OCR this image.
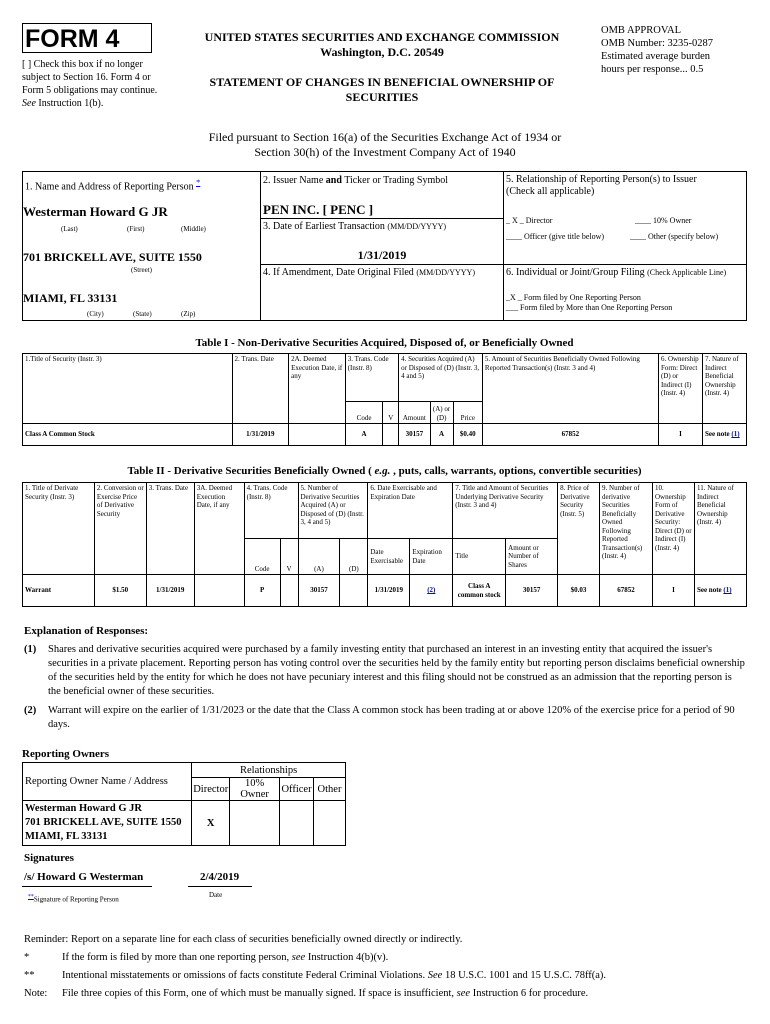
FORM 4
[ ] Check this box if no longer subject to Section 16. Form 4 or Form 5 obligations may continue. See Instruction 1(b).
UNITED STATES SECURITIES AND EXCHANGE COMMISSION
Washington, D.C. 20549
STATEMENT OF CHANGES IN BENEFICIAL OWNERSHIP OF
SECURITIES
OMB APPROVAL
OMB Number: 3235-0287
Estimated average burden
hours per response... 0.5
Filed pursuant to Section 16(a) of the Securities Exchange Act of 1934 or
Section 30(h) of the Investment Company Act of 1940
1. Name and Address of Reporting Person *
Westerman Howard G JR
(Last)	(First)	(Middle)
701 BRICKELL AVE, SUITE 1550
(Street)
MIAMI, FL 33131
(City)	(State)	(Zip)
2. Issuer Name and Ticker or Trading Symbol
PEN INC. [ PENC ]
3. Date of Earliest Transaction (MM/DD/YYYY)
1/31/2019
4. If Amendment, Date Original Filed (MM/DD/YYYY)
5. Relationship of Reporting Person(s) to Issuer
(Check all applicable)
_ X _ Director	____ 10% Owner
____ Officer (give title below)	____ Other (specify below)
6. Individual or Joint/Group Filing (Check Applicable Line)
_X _ Form filed by One Reporting Person
___ Form filed by More than One Reporting Person
Table I - Non-Derivative Securities Acquired, Disposed of, or Beneficially Owned
1.Title of Security (Instr. 3)	2. Trans. Date	2A. Deemed Execution Date, if any	3. Trans. Code (Instr. 8)		4. Securities Acquired (A) or Disposed of (D) (Instr. 3, 4 and 5)			5. Amount of Securities Beneficially Owned Following Reported Transaction(s) (Instr. 3 and 4)	6. Ownership Form: Direct (D) or Indirect (I) (Instr. 4)	7. Nature of Indirect Beneficial Ownership (Instr. 4)
			Code	V	Amount	(A) or (D)	Price			
Class A Common Stock	1/31/2019		A		30157	A	$0.40	67852	I	See note (1)
Table II - Derivative Securities Beneficially Owned ( e.g. , puts, calls, warrants, options, convertible securities)
1. Title of Derivate Security (Instr. 3)	2. Conversion or Exercise Price of Derivative Security	3. Trans. Date	3A. Deemed Execution Date, if any	4. Trans. Code (Instr. 8)		5. Number of Derivative Securities Acquired (A) or Disposed of (D) (Instr. 3, 4 and 5)		6. Date Exercisable and Expiration Date		7. Title and Amount of Securities Underlying Derivative Security (Instr. 3 and 4)		8. Price of Derivative Security (Instr. 5)	9. Number of derivative Securities Beneficially Owned Following Reported Transaction(s) (Instr. 4)	10. Ownership Form of Derivative Security: Direct (D) or Indirect (I) (Instr. 4)	11. Nature of Indirect Beneficial Ownership (Instr. 4)
				Code	V	(A)	(D)	Date Exercisable	Expiration Date	Title	Amount or Number of Shares				
Warrant	$1.50	1/31/2019		P		30157		1/31/2019	(2)	Class A common stock	30157	$0.03	67852	I	See note (1)
Explanation of Responses:
(1) Shares and derivative securities acquired were purchased by a family investing entity that purchased an interest in an investing entity that acquired the issuer's securities in a private placement. Reporting person has voting control over the securities held by the family entity but reporting person disclaims beneficial ownership of the securities held by the entity for which he does not have pecuniary interest and this filing should not be construed as an admission that the reporting person is the beneficial owner of these securities.
(2) Warrant will expire on the earlier of 1/31/2023 or the date that the Class A common stock has been trading at or above 120% of the exercise price for a period of 90 days.
Reporting Owners
Reporting Owner Name / Address	Relationships			
	Director	10% Owner	Officer	Other

Westerman Howard G JR
701 BRICKELL AVE, SUITE 1550
MIAMI, FL 33131	X			
Signatures
/s/ Howard G Westerman	2/4/2019
**Signature of Reporting Person
Date
Reminder: Report on a separate line for each class of securities beneficially owned directly or indirectly.
*	If the form is filed by more than one reporting person, see Instruction 4(b)(v).
**	Intentional misstatements or omissions of facts constitute Federal Criminal Violations. See 18 U.S.C. 1001 and 15 U.S.C. 78ff(a).
Note: File three copies of this Form, one of which must be manually signed. If space is insufficient, see Instruction 6 for procedure.
